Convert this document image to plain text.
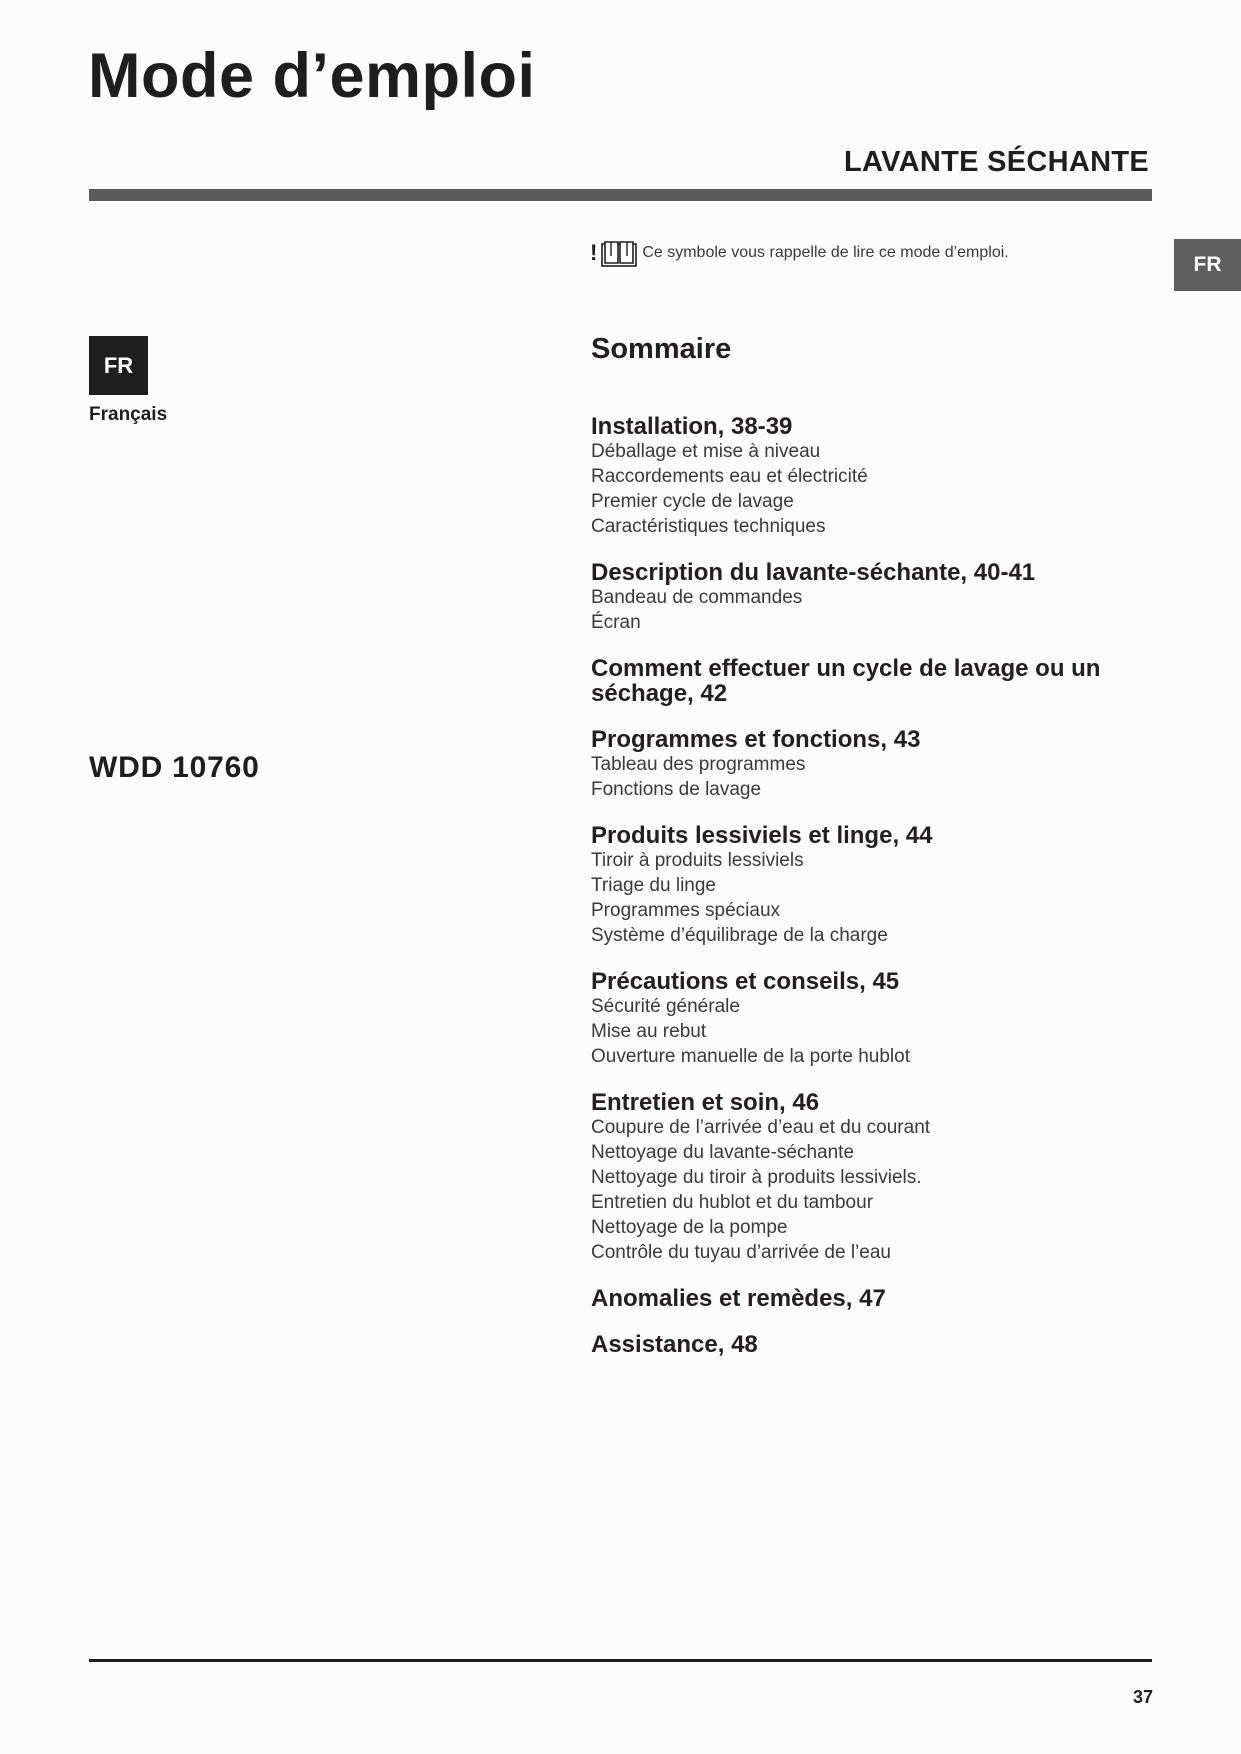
Mode d’emploi
LAVANTE SÉCHANTE
FR
!	Ce symbole vous rappelle de lire ce mode d’emploi.
FR
Français
WDD 10760
Sommaire
Installation, 38-39
Déballage et mise à niveau
Raccordements eau et électricité
Premier cycle de lavage
Caractéristiques techniques
Description du lavante-séchante, 40-41
Bandeau de commandes
Écran
Comment effectuer un cycle de lavage ou un séchage, 42
Programmes et fonctions, 43
Tableau des programmes
Fonctions de lavage
Produits lessiviels et linge, 44
Tiroir à produits lessiviels
Triage du linge
Programmes spéciaux
Système d’équilibrage de la charge
Précautions et conseils, 45
Sécurité générale
Mise au rebut
Ouverture manuelle de la porte hublot
Entretien et soin, 46
Coupure de l’arrivée d’eau et du courant
Nettoyage du lavante-séchante
Nettoyage du tiroir à produits lessiviels.
Entretien du hublot et du tambour
Nettoyage de la pompe
Contrôle du tuyau d’arrivée de l’eau
Anomalies et remèdes, 47
Assistance, 48
37
